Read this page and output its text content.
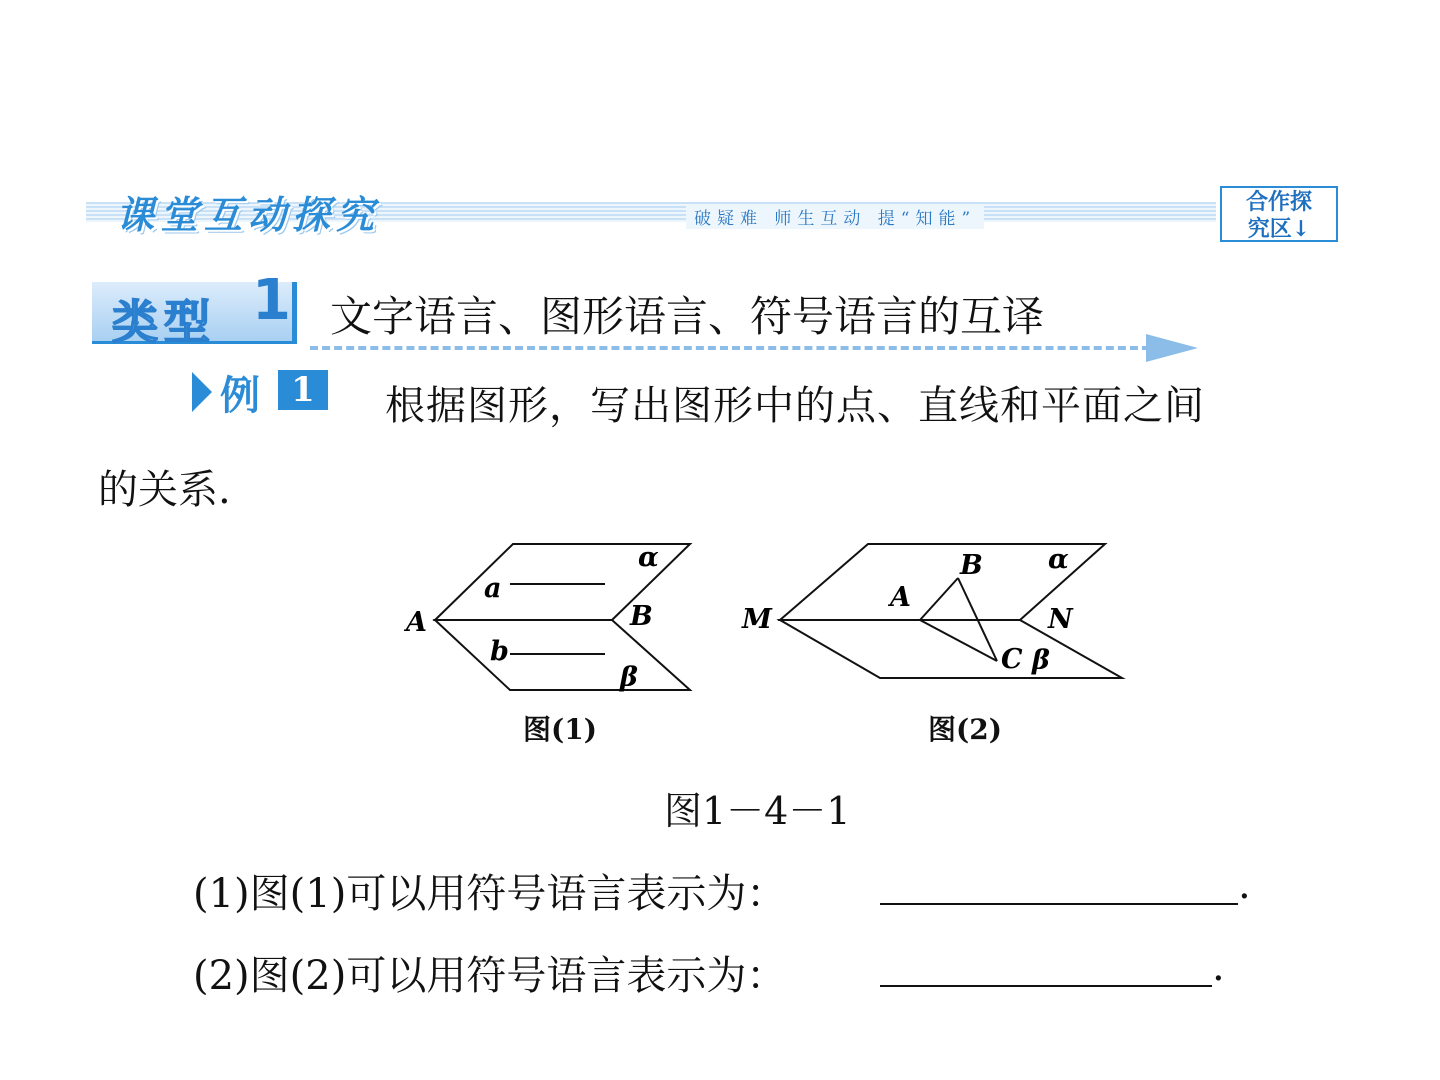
课堂互动探究	破疑难 师生互动 提“知能”
合作探
究区↓
类型 1 文字语言、图形语言、符号语言的互译
例 1	根据图形，写出图形中的点、直线和平面之间
的关系.
α
β
a
b
A	B
α
β
A
B
C
M	N
图(1)	图(2)
图1－4－1
(1)图(1)可以用符号语言表示为：	.
(2)图(2)可以用符号语言表示为：	.
